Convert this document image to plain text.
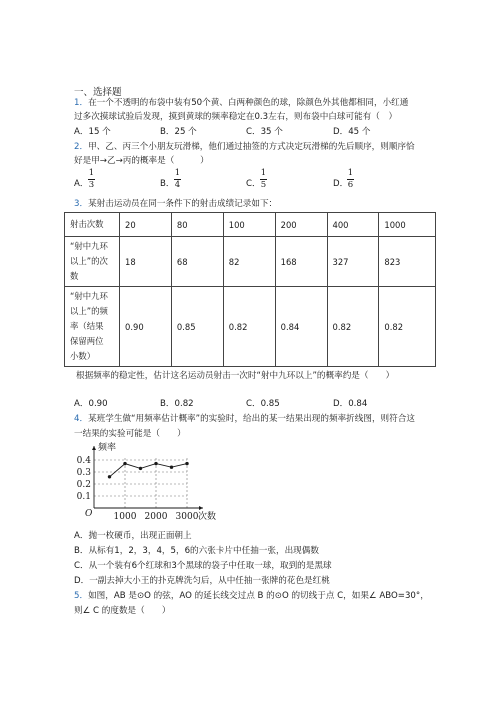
一、选择题
1．在一个不透明的布袋中装有50个黄、白两种颜色的球，除颜色外其他都相同，小红通
过多次摸球试验后发现，摸到黄球的频率稳定在0.3左右，则布袋中白球可能有（　）
A．15 个	B．25 个	C．35 个	D．45 个
2．甲、乙、丙三个小朋友玩滑梯，他们通过抽签的方式决定玩滑梯的先后顺序，则顺序恰
好是甲→乙→丙的概率是（　　　）
A．
1
3	B．
1
4	C．
1
5	D．
1
6
3．某射击运动员在同一条件下的射击成绩记录如下：
射击次数	20	80	100	200	400	1000

“射中九环
以上”的次
数	18	68	82	168	327	823

“射中九环
以上”的频
率（结果
保留两位
小数）	0.90	0.85	0.82	0.84	0.82	0.82
根据频率的稳定性，估计这名运动员射击一次时“射中九环以上”的概率约是（　　）
A．0.90	B．0.82	C．0.85	D．0.84
4．某班学生做“用频率估计概率”的实验时，给出的某一结果出现的频率折线图，则符合这
一结果的实验可能是（　　）
0.4
0.3
0.2
0.1
1000 2000 3000
O
频率
次数
A．抛一枚硬币，出现正面朝上
B．从标有1，2，3，4，5，6的六张卡片中任抽一张，出现偶数
C．从一个装有6个红球和3个黑球的袋子中任取一球，取到的是黑球
D．一副去掉大小王的扑克牌洗匀后，从中任抽一张牌的花色是红桃
5．如图，AB 是⊙O 的弦，AO 的延长线交过点 B 的⊙O 的切线于点 C，如果∠ ABO=30°，
则∠ C 的度数是（　　）
